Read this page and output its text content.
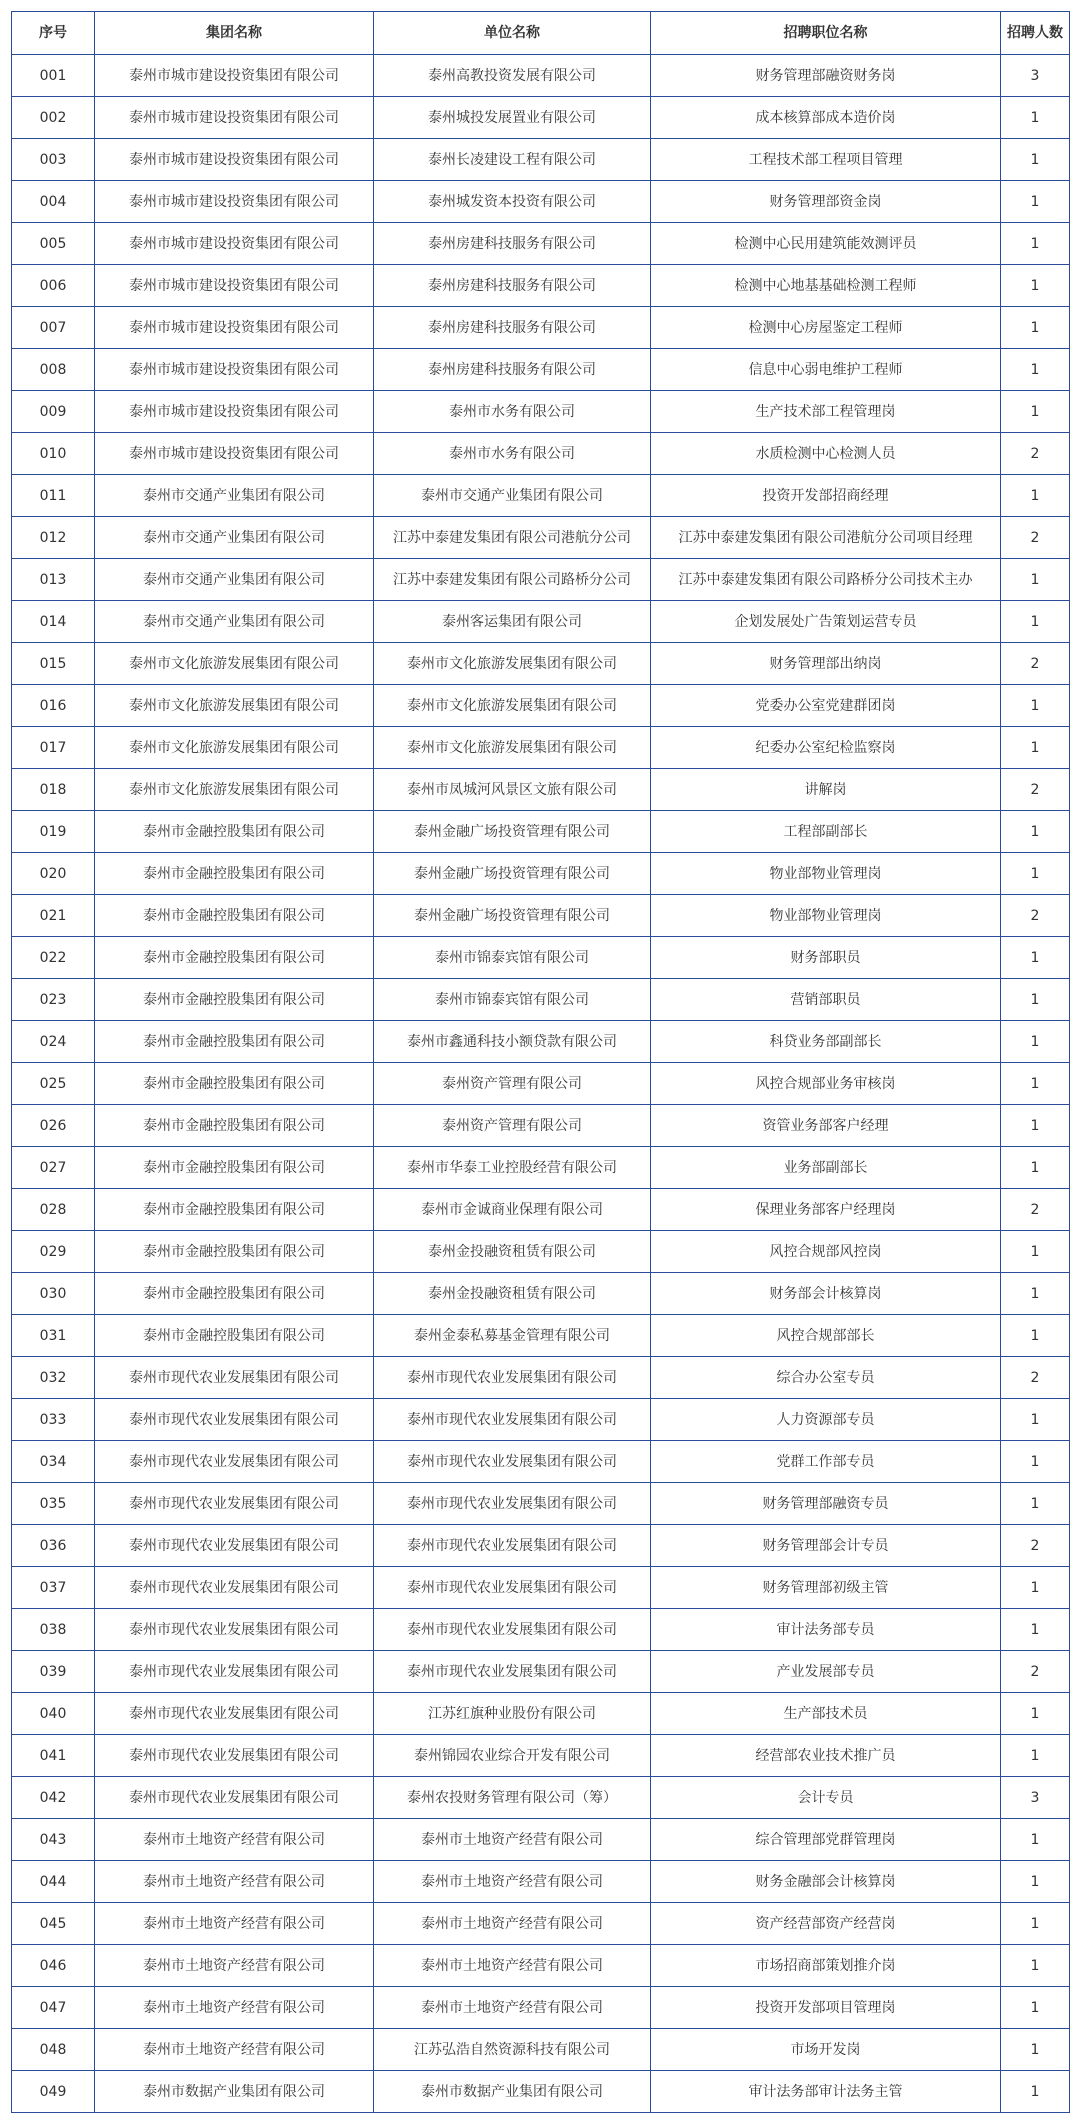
序号	集团名称	单位名称	招聘职位名称	招聘人数
001	泰州市城市建设投资集团有限公司	泰州高教投资发展有限公司	财务管理部融资财务岗	3
002	泰州市城市建设投资集团有限公司	泰州城投发展置业有限公司	成本核算部成本造价岗	1
003	泰州市城市建设投资集团有限公司	泰州长凌建设工程有限公司	工程技术部工程项目管理	1
004	泰州市城市建设投资集团有限公司	泰州城发资本投资有限公司	财务管理部资金岗	1
005	泰州市城市建设投资集团有限公司	泰州房建科技服务有限公司	检测中心民用建筑能效测评员	1
006	泰州市城市建设投资集团有限公司	泰州房建科技服务有限公司	检测中心地基基础检测工程师	1
007	泰州市城市建设投资集团有限公司	泰州房建科技服务有限公司	检测中心房屋鉴定工程师	1
008	泰州市城市建设投资集团有限公司	泰州房建科技服务有限公司	信息中心弱电维护工程师	1
009	泰州市城市建设投资集团有限公司	泰州市水务有限公司	生产技术部工程管理岗	1
010	泰州市城市建设投资集团有限公司	泰州市水务有限公司	水质检测中心检测人员	2
011	泰州市交通产业集团有限公司	泰州市交通产业集团有限公司	投资开发部招商经理	1
012	泰州市交通产业集团有限公司	江苏中泰建发集团有限公司港航分公司	江苏中泰建发集团有限公司港航分公司项目经理	2
013	泰州市交通产业集团有限公司	江苏中泰建发集团有限公司路桥分公司	江苏中泰建发集团有限公司路桥分公司技术主办	1
014	泰州市交通产业集团有限公司	泰州客运集团有限公司	企划发展处广告策划运营专员	1
015	泰州市文化旅游发展集团有限公司	泰州市文化旅游发展集团有限公司	财务管理部出纳岗	2
016	泰州市文化旅游发展集团有限公司	泰州市文化旅游发展集团有限公司	党委办公室党建群团岗	1
017	泰州市文化旅游发展集团有限公司	泰州市文化旅游发展集团有限公司	纪委办公室纪检监察岗	1
018	泰州市文化旅游发展集团有限公司	泰州市凤城河风景区文旅有限公司	讲解岗	2
019	泰州市金融控股集团有限公司	泰州金融广场投资管理有限公司	工程部副部长	1
020	泰州市金融控股集团有限公司	泰州金融广场投资管理有限公司	物业部物业管理岗	1
021	泰州市金融控股集团有限公司	泰州金融广场投资管理有限公司	物业部物业管理岗	2
022	泰州市金融控股集团有限公司	泰州市锦泰宾馆有限公司	财务部职员	1
023	泰州市金融控股集团有限公司	泰州市锦泰宾馆有限公司	营销部职员	1
024	泰州市金融控股集团有限公司	泰州市鑫通科技小额贷款有限公司	科贷业务部副部长	1
025	泰州市金融控股集团有限公司	泰州资产管理有限公司	风控合规部业务审核岗	1
026	泰州市金融控股集团有限公司	泰州资产管理有限公司	资管业务部客户经理	1
027	泰州市金融控股集团有限公司	泰州市华泰工业控股经营有限公司	业务部副部长	1
028	泰州市金融控股集团有限公司	泰州市金诚商业保理有限公司	保理业务部客户经理岗	2
029	泰州市金融控股集团有限公司	泰州金投融资租赁有限公司	风控合规部风控岗	1
030	泰州市金融控股集团有限公司	泰州金投融资租赁有限公司	财务部会计核算岗	1
031	泰州市金融控股集团有限公司	泰州金泰私募基金管理有限公司	风控合规部部长	1
032	泰州市现代农业发展集团有限公司	泰州市现代农业发展集团有限公司	综合办公室专员	2
033	泰州市现代农业发展集团有限公司	泰州市现代农业发展集团有限公司	人力资源部专员	1
034	泰州市现代农业发展集团有限公司	泰州市现代农业发展集团有限公司	党群工作部专员	1
035	泰州市现代农业发展集团有限公司	泰州市现代农业发展集团有限公司	财务管理部融资专员	1
036	泰州市现代农业发展集团有限公司	泰州市现代农业发展集团有限公司	财务管理部会计专员	2
037	泰州市现代农业发展集团有限公司	泰州市现代农业发展集团有限公司	财务管理部初级主管	1
038	泰州市现代农业发展集团有限公司	泰州市现代农业发展集团有限公司	审计法务部专员	1
039	泰州市现代农业发展集团有限公司	泰州市现代农业发展集团有限公司	产业发展部专员	2
040	泰州市现代农业发展集团有限公司	江苏红旗种业股份有限公司	生产部技术员	1
041	泰州市现代农业发展集团有限公司	泰州锦园农业综合开发有限公司	经营部农业技术推广员	1
042	泰州市现代农业发展集团有限公司	泰州农投财务管理有限公司（筹）	会计专员	3
043	泰州市土地资产经营有限公司	泰州市土地资产经营有限公司	综合管理部党群管理岗	1
044	泰州市土地资产经营有限公司	泰州市土地资产经营有限公司	财务金融部会计核算岗	1
045	泰州市土地资产经营有限公司	泰州市土地资产经营有限公司	资产经营部资产经营岗	1
046	泰州市土地资产经营有限公司	泰州市土地资产经营有限公司	市场招商部策划推介岗	1
047	泰州市土地资产经营有限公司	泰州市土地资产经营有限公司	投资开发部项目管理岗	1
048	泰州市土地资产经营有限公司	江苏弘浩自然资源科技有限公司	市场开发岗	1
049	泰州市数据产业集团有限公司	泰州市数据产业集团有限公司	审计法务部审计法务主管	1
